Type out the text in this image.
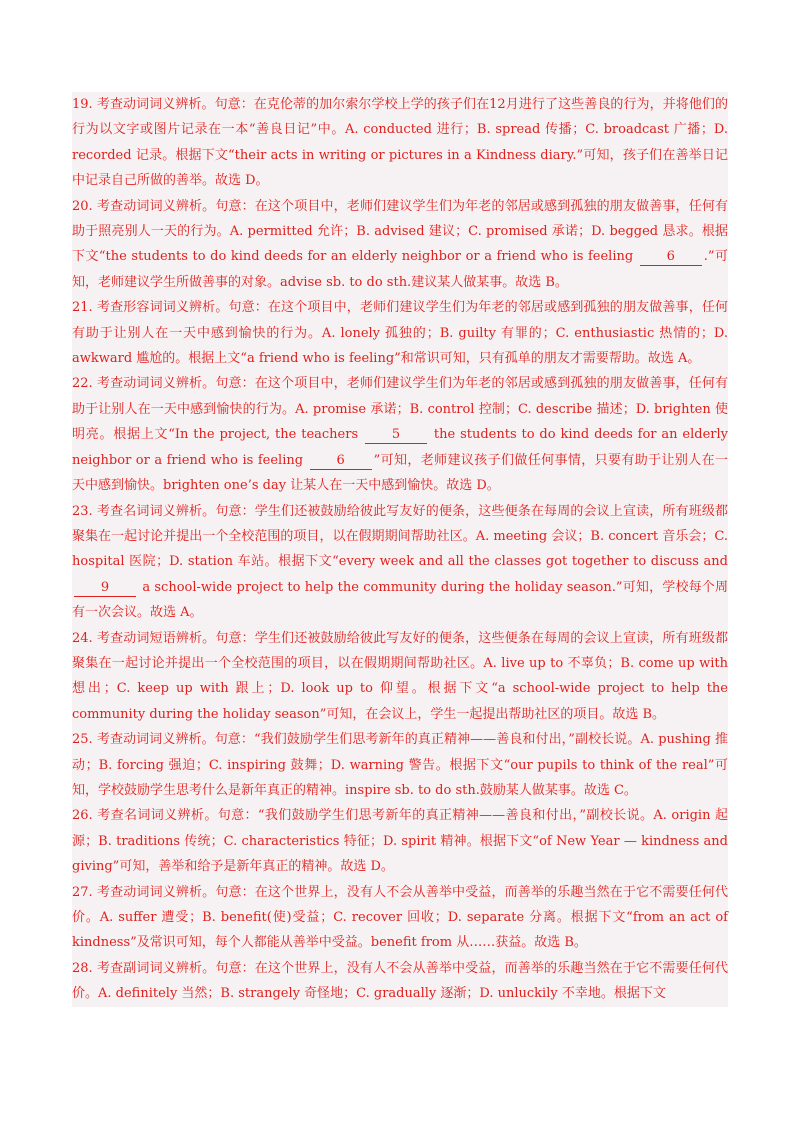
19. 考查动词词义辨析。句意：在克伦蒂的加尔索尔学校上学的孩子们在12月进行了这些善良的行为，并将他们的行为以文字或图片记录在一本“善良日记”中。A. conducted 进行；B. spread 传播；C. broadcast 广播；D. recorded 记录。根据下文“their acts in writing or pictures in a Kindness diary.”可知，孩子们在善举日记中记录自己所做的善举。故选 D。

20. 考查动词词义辨析。句意：在这个项目中，老师们建议学生们为年老的邻居或感到孤独的朋友做善事，任何有助于照亮别人一天的行为。A. permitted 允许；B. advised 建议；C. promised 承诺；D. begged 恳求。根据下文“the students to do kind deeds for an elderly neighbor or a friend who is feeling 6 .”可知，老师建议学生所做善事的对象。advise sb. to do sth.建议某人做某事。故选 B。

21. 考查形容词词义辨析。句意：在这个项目中，老师们建议学生们为年老的邻居或感到孤独的朋友做善事，任何有助于让别人在一天中感到愉快的行为。A. lonely 孤独的；B. guilty 有罪的；C. enthusiastic 热情的；D. awkward 尴尬的。根据上文“a friend who is feeling”和常识可知，只有孤单的朋友才需要帮助。故选 A。

22. 考查动词词义辨析。句意：在这个项目中，老师们建议学生们为年老的邻居或感到孤独的朋友做善事，任何有助于让别人在一天中感到愉快的行为。A. promise 承诺；B. control 控制；C. describe 描述；D. brighten 使明亮。根据上文“In the project, the teachers 5 the students to do kind deeds for an elderly neighbor or a friend who is feeling 6 ”可知，老师建议孩子们做任何事情，只要有助于让别人在一天中感到愉快。brighten one’s day 让某人在一天中感到愉快。故选 D。

23. 考查名词词义辨析。句意：学生们还被鼓励给彼此写友好的便条，这些便条在每周的会议上宣读，所有班级都聚集在一起讨论并提出一个全校范围的项目，以在假期期间帮助社区。A. meeting 会议；B. concert 音乐会；C. hospital 医院；D. station 车站。根据下文“every week and all the classes got together to discuss and 9 a school-wide project to help the community during the holiday season.”可知，学校每个周有一次会议。故选 A。

24. 考查动词短语辨析。句意：学生们还被鼓励给彼此写友好的便条，这些便条在每周的会议上宣读，所有班级都聚集在一起讨论并提出一个全校范围的项目，以在假期期间帮助社区。A. live up to 不辜负；B. come up with 想出；C. keep up with 跟上；D. look up to 仰望。根据下文“a school-wide project to help the community during the holiday season”可知，在会议上，学生一起提出帮助社区的项目。故选 B。

25. 考查动词词义辨析。句意：“我们鼓励学生们思考新年的真正精神——善良和付出，”副校长说。A. pushing 推动；B. forcing 强迫；C. inspiring 鼓舞；D. warning 警告。根据下文“our pupils to think of the real”可知，学校鼓励学生思考什么是新年真正的精神。inspire sb. to do sth.鼓励某人做某事。故选 C。

26. 考查名词词义辨析。句意：“我们鼓励学生们思考新年的真正精神——善良和付出，”副校长说。A. origin 起源；B. traditions 传统；C. characteristics 特征；D. spirit 精神。根据下文“of New Year — kindness and giving”可知，善举和给予是新年真正的精神。故选 D。

27. 考查动词词义辨析。句意：在这个世界上，没有人不会从善举中受益，而善举的乐趣当然在于它不需要任何代价。A. suffer 遭受；B. benefit(使)受益；C. recover 回收；D. separate 分离。根据下文“from an act of kindness”及常识可知，每个人都能从善举中受益。benefit from 从……获益。故选 B。

28. 考查副词词义辨析。句意：在这个世界上，没有人不会从善举中受益，而善举的乐趣当然在于它不需要任何代价。A. definitely 当然；B. strangely 奇怪地；C. gradually 逐渐；D. unluckily 不幸地。根据下文
